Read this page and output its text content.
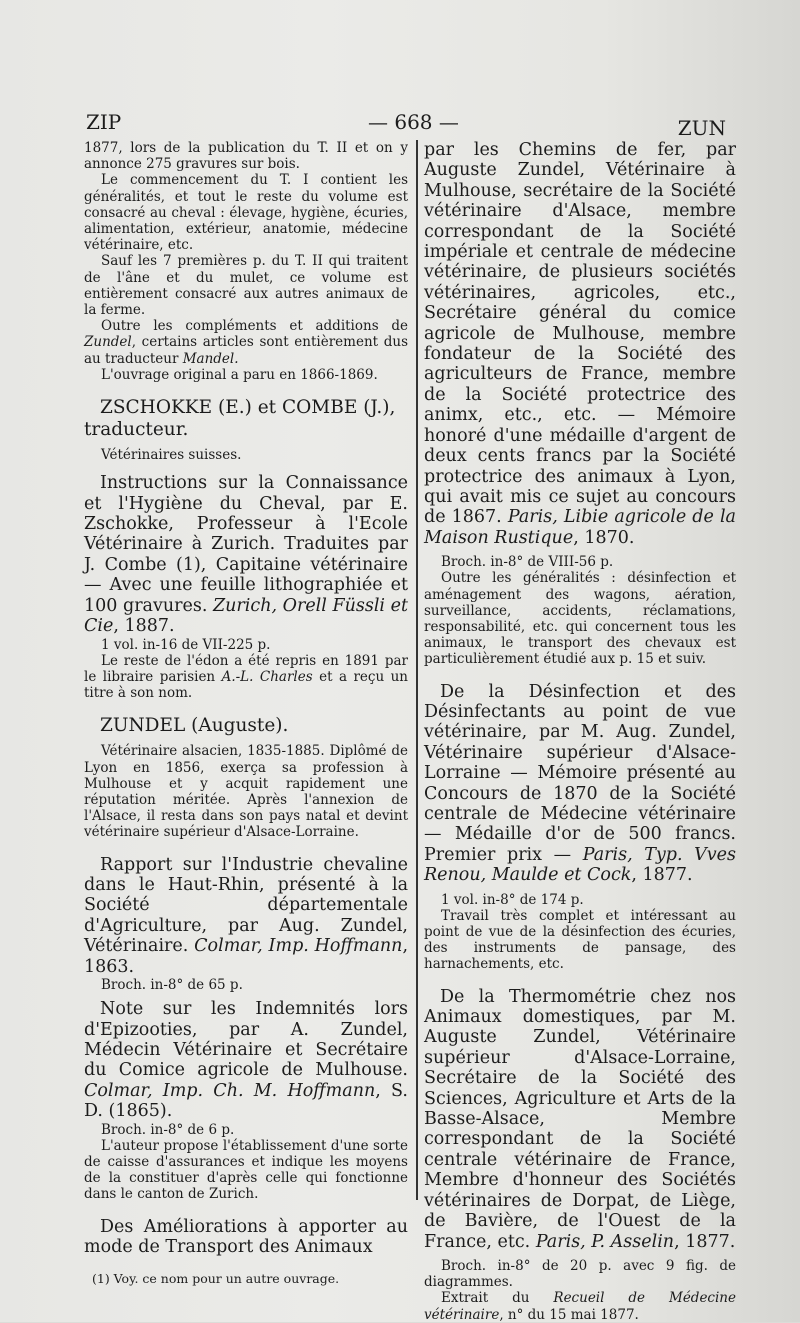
ZIP	— 668 —	ZUN

1877, lors de la publication du T. II et on y annonce 275 gravures sur bois.

Le commencement du T. I contient les généralités, et tout le reste du volume est consacré au cheval : élevage, hygiène, écuries, alimentation, extérieur, anatomie, médecine vétérinaire, etc.

Sauf les 7 premières p. du T. II qui traitent de l'âne et du mulet, ce volume est entièrement consacré aux autres animaux de la ferme.

Outre les compléments et additions de Zundel, certains articles sont entièrement dus au traducteur Mandel.

L'ouvrage original a paru en 1866-1869.

ZSCHOKKE (E.) et COMBE (J.), traducteur.

Vétérinaires suisses.

Instructions sur la Connaissance et l'Hygiène du Cheval, par E. Zschokke, Professeur à l'Ecole Vétérinaire à Zurich. Traduites par J. Combe (1), Capitaine vétérinaire — Avec une feuille lithographiée et 100 gravures. Zurich, Orell Füssli et Cie, 1887.

1 vol. in-16 de VII-225 p.

Le reste de l'édon a été repris en 1891 par le libraire parisien A.-L. Charles et a reçu un titre à son nom.

ZUNDEL (Auguste).

Vétérinaire alsacien, 1835-1885. Diplômé de Lyon en 1856, exerça sa profession à Mulhouse et y acquit rapidement une réputation méritée. Après l'annexion de l'Alsace, il resta dans son pays natal et devint vétérinaire supérieur d'Alsace-Lorraine.

Rapport sur l'Industrie chevaline dans le Haut-Rhin, présenté à la Société départementale d'Agriculture, par Aug. Zundel, Vétérinaire. Colmar, Imp. Hoffmann, 1863.

Broch. in-8° de 65 p.

Note sur les Indemnités lors d'Epizooties, par A. Zundel, Médecin Vétérinaire et Secrétaire du Comice agricole de Mulhouse. Colmar, Imp. Ch. M. Hoffmann, S. D. (1865).

Broch. in-8° de 6 p.

L'auteur propose l'établissement d'une sorte de caisse d'assurances et indique les moyens de la constituer d'après celle qui fonctionne dans le canton de Zurich.

Des Améliorations à apporter au mode de Transport des Animaux

(1) Voy. ce nom pour un autre ouvrage.

par les Chemins de fer, par Auguste Zundel, Vétérinaire à Mulhouse, secrétaire de la Société vétérinaire d'Alsace, membre correspondant de la Société impériale et centrale de médecine vétérinaire, de plusieurs sociétés vétérinaires, agricoles, etc., Secrétaire général du comice agricole de Mulhouse, membre fondateur de la Société des agriculteurs de France, membre de la Société protectrice des animx, etc., etc. — Mémoire honoré d'une médaille d'argent de deux cents francs par la Société protectrice des animaux à Lyon, qui avait mis ce sujet au concours de 1867. Paris, Libie agricole de la Maison Rustique, 1870.

Broch. in-8° de VIII-56 p.

Outre les généralités : désinfection et aménagement des wagons, aération, surveillance, accidents, réclamations, responsabilité, etc. qui concernent tous les animaux, le transport des chevaux est particulièrement étudié aux p. 15 et suiv.

De la Désinfection et des Désinfectants au point de vue vétérinaire, par M. Aug. Zundel, Vétérinaire supérieur d'Alsace-Lorraine — Mémoire présenté au Concours de 1870 de la Société centrale de Médecine vétérinaire — Médaille d'or de 500 francs. Premier prix — Paris, Typ. Vves Renou, Maulde et Cock, 1877.

1 vol. in-8° de 174 p.

Travail très complet et intéressant au point de vue de la désinfection des écuries, des instruments de pansage, des harnachements, etc.

De la Thermométrie chez nos Animaux domestiques, par M. Auguste Zundel, Vétérinaire supérieur d'Alsace-Lorraine, Secrétaire de la Société des Sciences, Agriculture et Arts de la Basse-Alsace, Membre correspondant de la Société centrale vétérinaire de France, Membre d'honneur des Sociétés vétérinaires de Dorpat, de Liège, de Bavière, de l'Ouest de la France, etc. Paris, P. Asselin, 1877.

Broch. in-8° de 20 p. avec 9 fig. de diagrammes.

Extrait du Recueil de Médecine vétérinaire, n° du 15 mai 1877.
